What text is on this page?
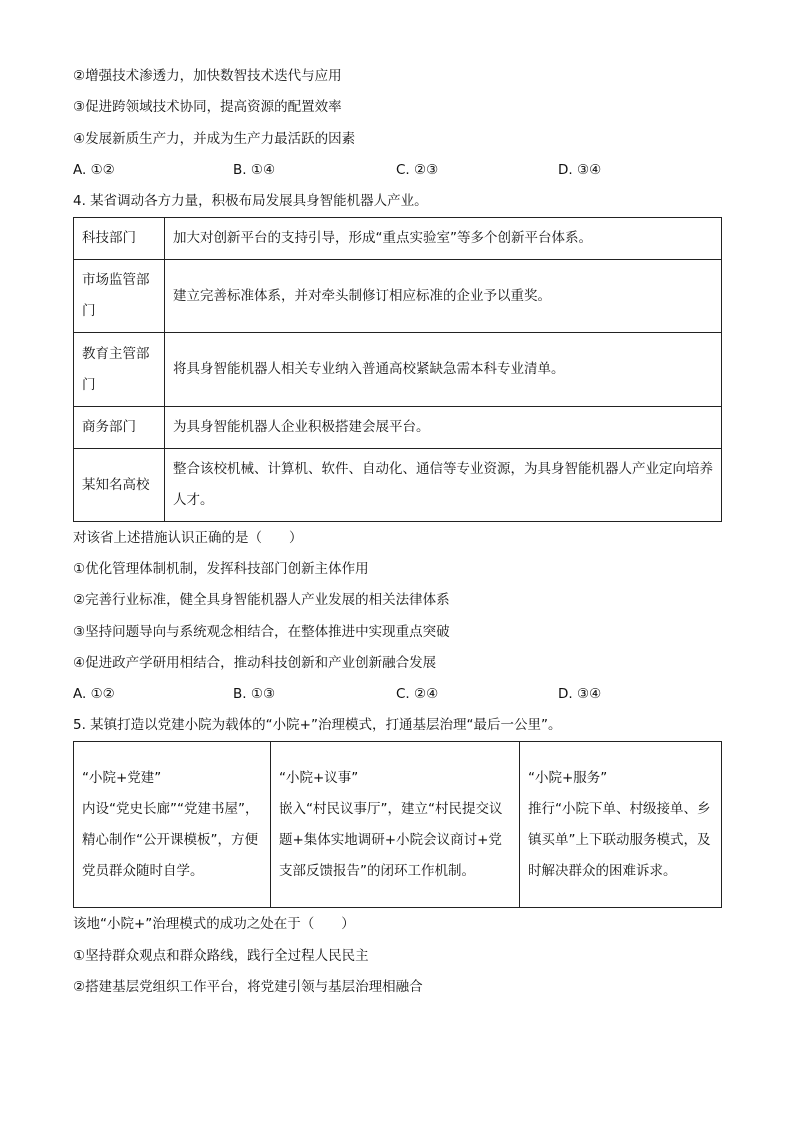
②增强技术渗透力，加快数智技术迭代与应用
③促进跨领域技术协同，提高资源的配置效率
④发展新质生产力，并成为生产力最活跃的因素
A. ①②	B. ①④	C. ②③	D. ③④
4. 某省调动各方力量，积极布局发展具身智能机器人产业。
科技部门	加大对创新平台的支持引导，形成“重点实验室”等多个创新平台体系。
市场监管部门	建立完善标准体系，并对牵头制修订相应标准的企业予以重奖。
教育主管部门	将具身智能机器人相关专业纳入普通高校紧缺急需本科专业清单。
商务部门	为具身智能机器人企业积极搭建会展平台。
某知名高校	整合该校机械、计算机、软件、自动化、通信等专业资源，为具身智能机器人产业定向培养人才。
对该省上述措施认识正确的是（　　）
①优化管理体制机制，发挥科技部门创新主体作用
②完善行业标准，健全具身智能机器人产业发展的相关法律体系
③坚持问题导向与系统观念相结合，在整体推进中实现重点突破
④促进政产学研用相结合，推动科技创新和产业创新融合发展
A. ①②	B. ①③	C. ②④	D. ③④
5. 某镇打造以党建小院为载体的“小院+”治理模式，打通基层治理“最后一公里”。
“小院+党建”
内设“党史长廊”“党建书屋”，精心制作“公开课模板”，方便党员群众随时自学。

“小院+议事”
嵌入“村民议事厅”，建立“村民提交议题+集体实地调研+小院会议商讨+党支部反馈报告”的闭环工作机制。

“小院+服务”
推行“小院下单、村级接单、乡镇买单”上下联动服务模式，及时解决群众的困难诉求。
该地“小院+”治理模式的成功之处在于（　　）
①坚持群众观点和群众路线，践行全过程人民民主
②搭建基层党组织工作平台，将党建引领与基层治理相融合
